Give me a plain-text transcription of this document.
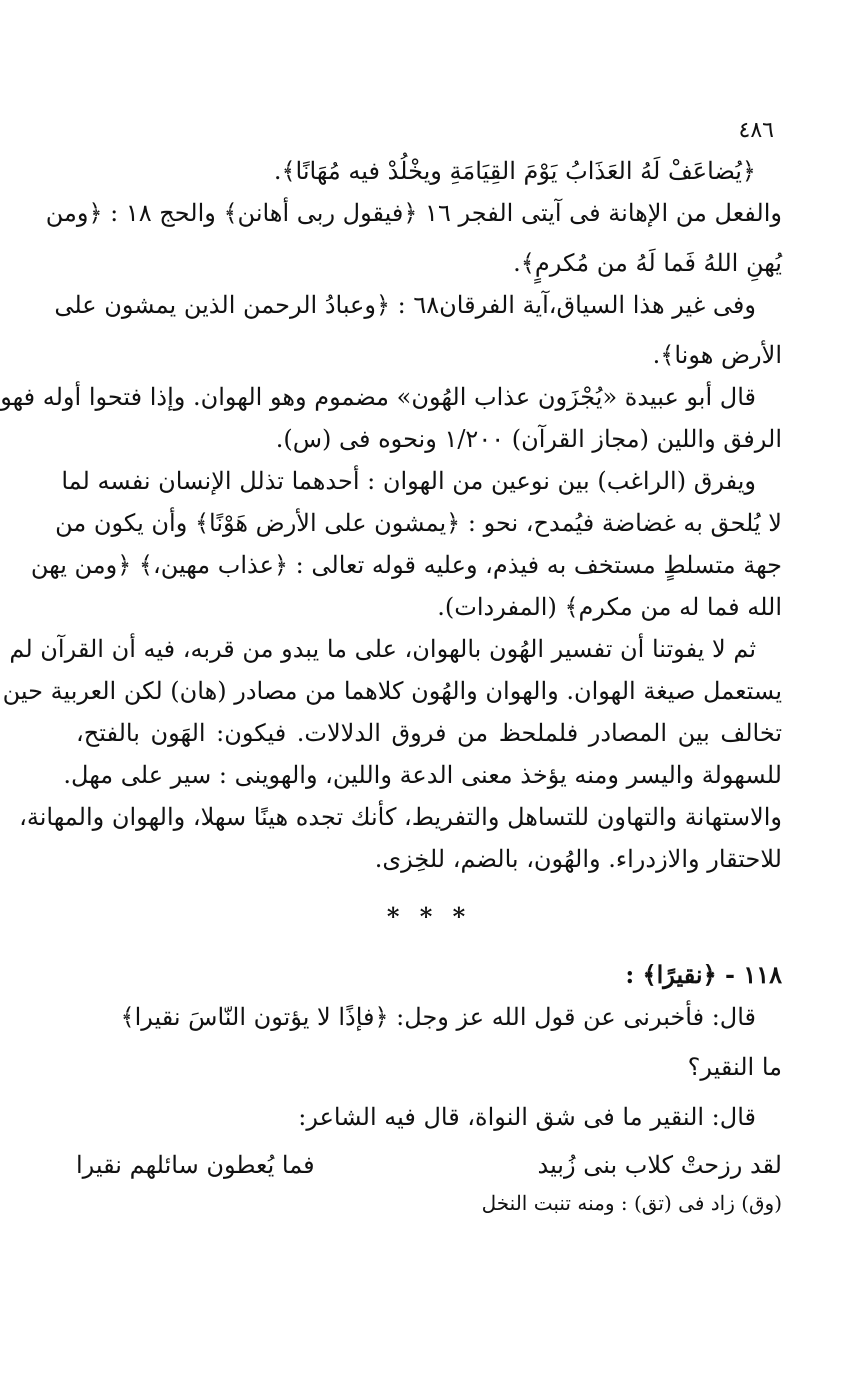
٤٨٦
﴿يُضاعَفْ لَهُ العَذَابُ يَوْمَ القِيَامَةِ ويخْلُدْ فيه مُهَانًا﴾.
والفعل من الإهانة فى آيتى الفجر ١٦ ﴿فيقول ربى أهانن﴾ والحج ١٨ : ﴿ومن
يُهنِ اللهُ فَما لَهُ من مُكرمٍ﴾.
وفى غير هذا السياق،آية الفرقان٦٨ : ﴿وعبادُ الرحمن الذين يمشون على
الأرض هونا﴾.
قال أبو عبيدة «يُجْزَون عذاب الهُون» مضموم وهو الهوان. وإذا فتحوا أوله فهو
الرفق واللين (مجاز القرآن) ١/٢٠٠ ونحوه فى (س).
ويفرق (الراغب) بين نوعين من الهوان : أحدهما تذلل الإنسان نفسه لما
لا يُلحق به غضاضة فيُمدح، نحو : ﴿يمشون على الأرض هَوْنًا﴾ وأن يكون من
جهة متسلطٍ مستخف به فيذم، وعليه قوله تعالى : ﴿عذاب مهين،﴾ ﴿ومن يهن
الله فما له من مكرم﴾ (المفردات).
ثم لا يفوتنا أن تفسير الهُون بالهوان، على ما يبدو من قربه، فيه أن القرآن لم
يستعمل صيغة الهوان. والهوان والهُون كلاهما من مصادر (هان) لكن العربية حين
تخالف بين المصادر فلملحظ من فروق الدلالات. فيكون: الهَون بالفتح،
للسهولة واليسر ومنه يؤخذ معنى الدعة واللين، والهوينى : سير على مهل.
والاستهانة والتهاون للتساهل والتفريط، كأنك تجده هينًا سهلا، والهوان والمهانة،
للاحتقار والازدراء. والهُون، بالضم، للخِزى.
* * *
١١٨ - ﴿نقيرًا﴾ :
قال: فأخبرنى عن قول الله عز وجل: ﴿فإذًا لا يؤتون النّاسَ نقيرا﴾
ما النقير؟
قال: النقير ما فى شق النواة، قال فيه الشاعر:
لقد رزحتْ كلاب بنى زُبيد
فما يُعطون سائلهم نقيرا
(وق) زاد فى (تق) : ومنه تنبت النخل
